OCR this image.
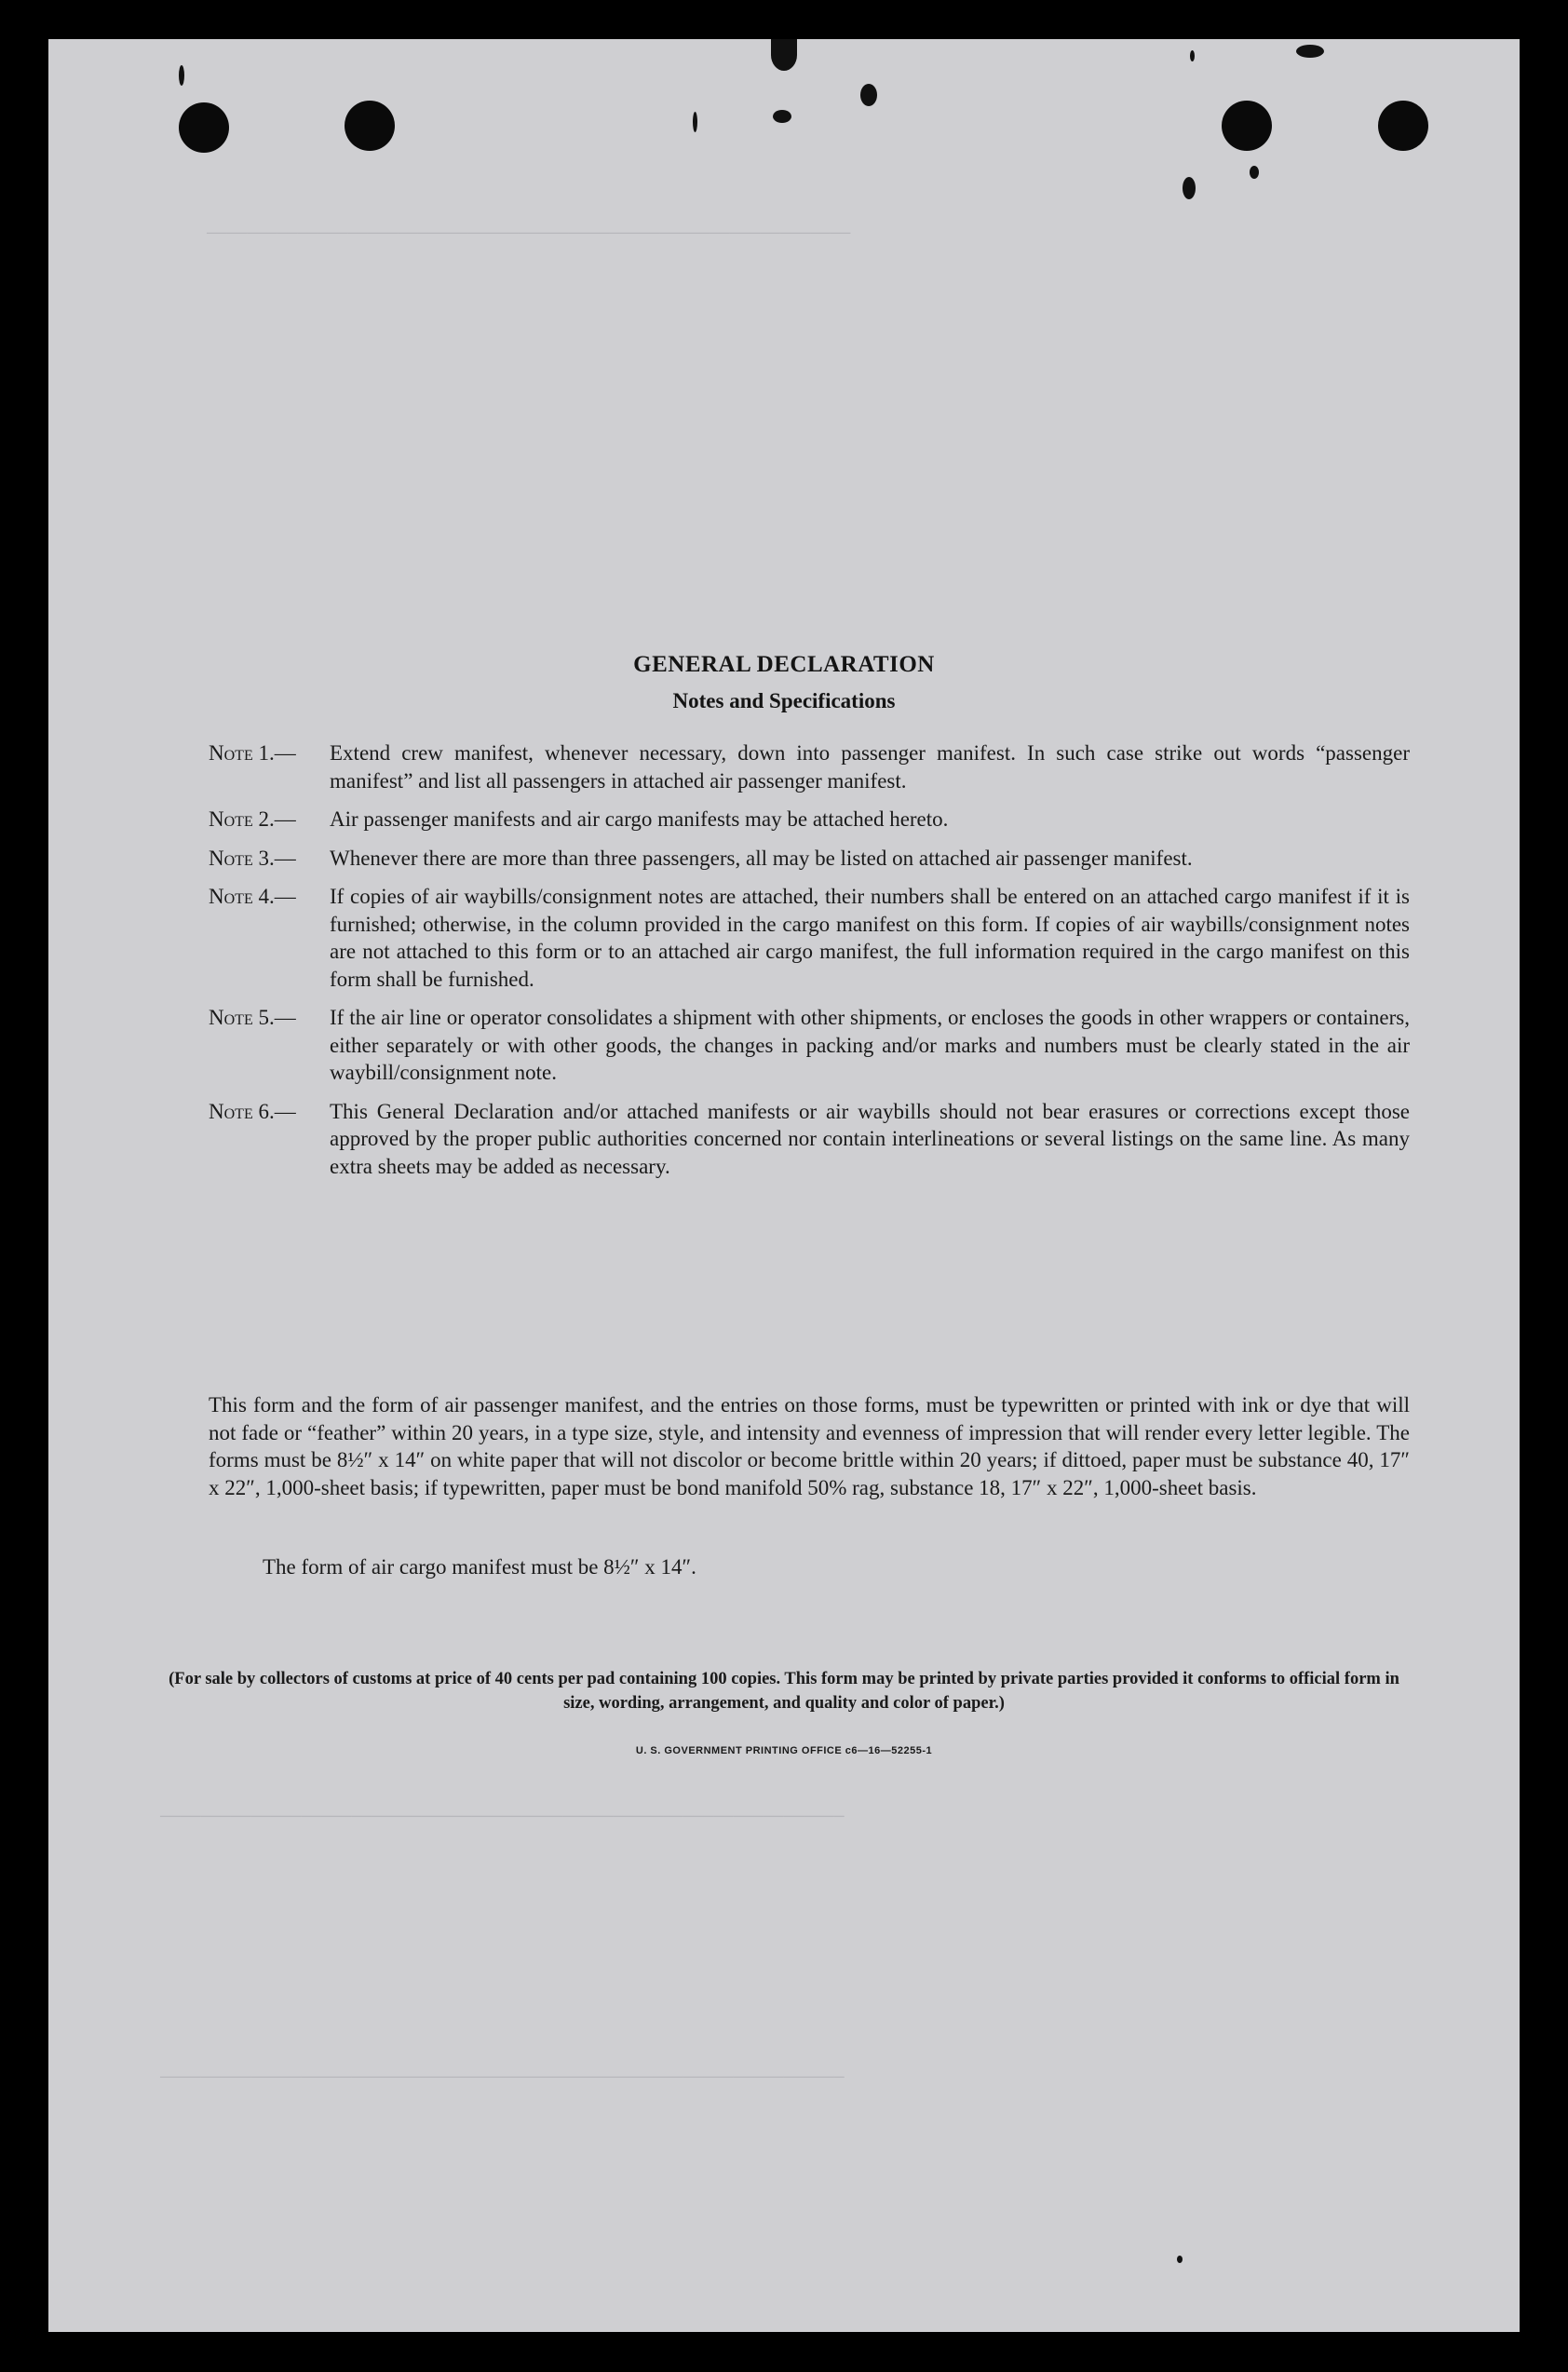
────────────────────────────────────────────────────────────────
────────────────────────────────────────────────────────────────────
────────────────────────────────────────────────────────────────────
GENERAL DECLARATION
Notes and Specifications
Note 1.—	Extend crew manifest, whenever necessary, down into passenger manifest. In such case strike out words “passenger manifest” and list all passengers in attached air passenger manifest.
Note 2.—	Air passenger manifests and air cargo manifests may be attached hereto.
Note 3.—	Whenever there are more than three passengers, all may be listed on attached air passenger manifest.
Note 4.—	If copies of air waybills/consignment notes are attached, their numbers shall be entered on an attached cargo manifest if it is furnished; otherwise, in the column provided in the cargo manifest on this form. If copies of air waybills/consignment notes are not attached to this form or to an attached air cargo manifest, the full information required in the cargo manifest on this form shall be furnished.
Note 5.—	If the air line or operator consolidates a shipment with other shipments, or encloses the goods in other wrappers or containers, either separately or with other goods, the changes in packing and/or marks and numbers must be clearly stated in the air waybill/consignment note.
Note 6.—	This General Declaration and/or attached manifests or air waybills should not bear erasures or corrections except those approved by the proper public authorities concerned nor contain interlineations or several listings on the same line. As many extra sheets may be added as necessary.
This form and the form of air passenger manifest, and the entries on those forms, must be typewritten or printed with ink or dye that will not fade or “feather” within 20 years, in a type size, style, and intensity and evenness of impression that will render every letter legible. The forms must be 8½″ x 14″ on white paper that will not discolor or become brittle within 20 years; if dittoed, paper must be substance 40, 17″ x 22″, 1,000-sheet basis; if typewritten, paper must be bond manifold 50% rag, substance 18, 17″ x 22″, 1,000-sheet basis.
The form of air cargo manifest must be 8½″ x 14″.
(For sale by collectors of customs at price of 40 cents per pad containing 100 copies. This form may be printed by private parties provided it conforms to official form in size, wording, arrangement, and quality and color of paper.)
U. S. GOVERNMENT PRINTING OFFICE c6—16—52255-1
